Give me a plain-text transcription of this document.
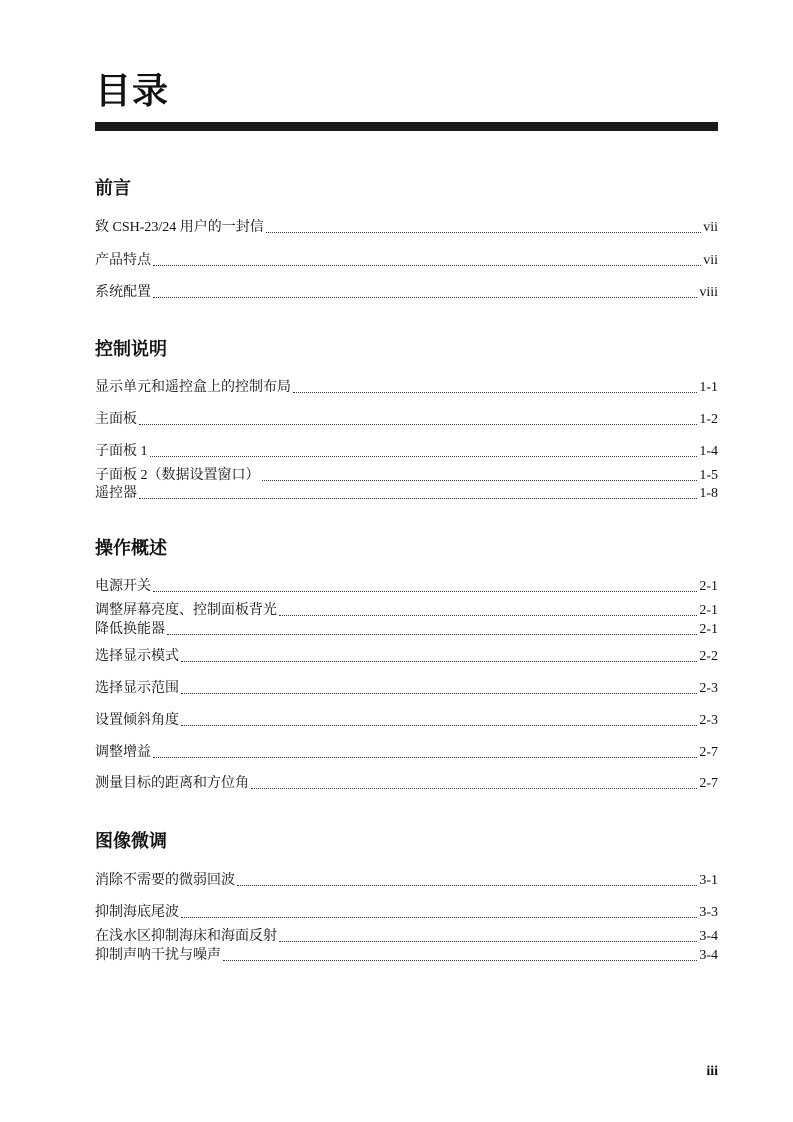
目录
前言
致 CSH-23/24 用户的一封信	vii
产品特点	vii
系统配置	viii
控制说明
显示单元和遥控盒上的控制布局	1-1
主面板	1-2
子面板 1	1-4
子面板 2（数据设置窗口）	1-5
遥控器	1-8
操作概述
电源开关	2-1
调整屏幕亮度、控制面板背光	2-1
降低换能器	2-1
选择显示模式	2-2
选择显示范围	2-3
设置倾斜角度	2-3
调整增益	2-7
测量目标的距离和方位角	2-7
图像微调
消除不需要的微弱回波	3-1
抑制海底尾波	3-3
在浅水区抑制海床和海面反射	3-4
抑制声呐干扰与噪声	3-4
iii
